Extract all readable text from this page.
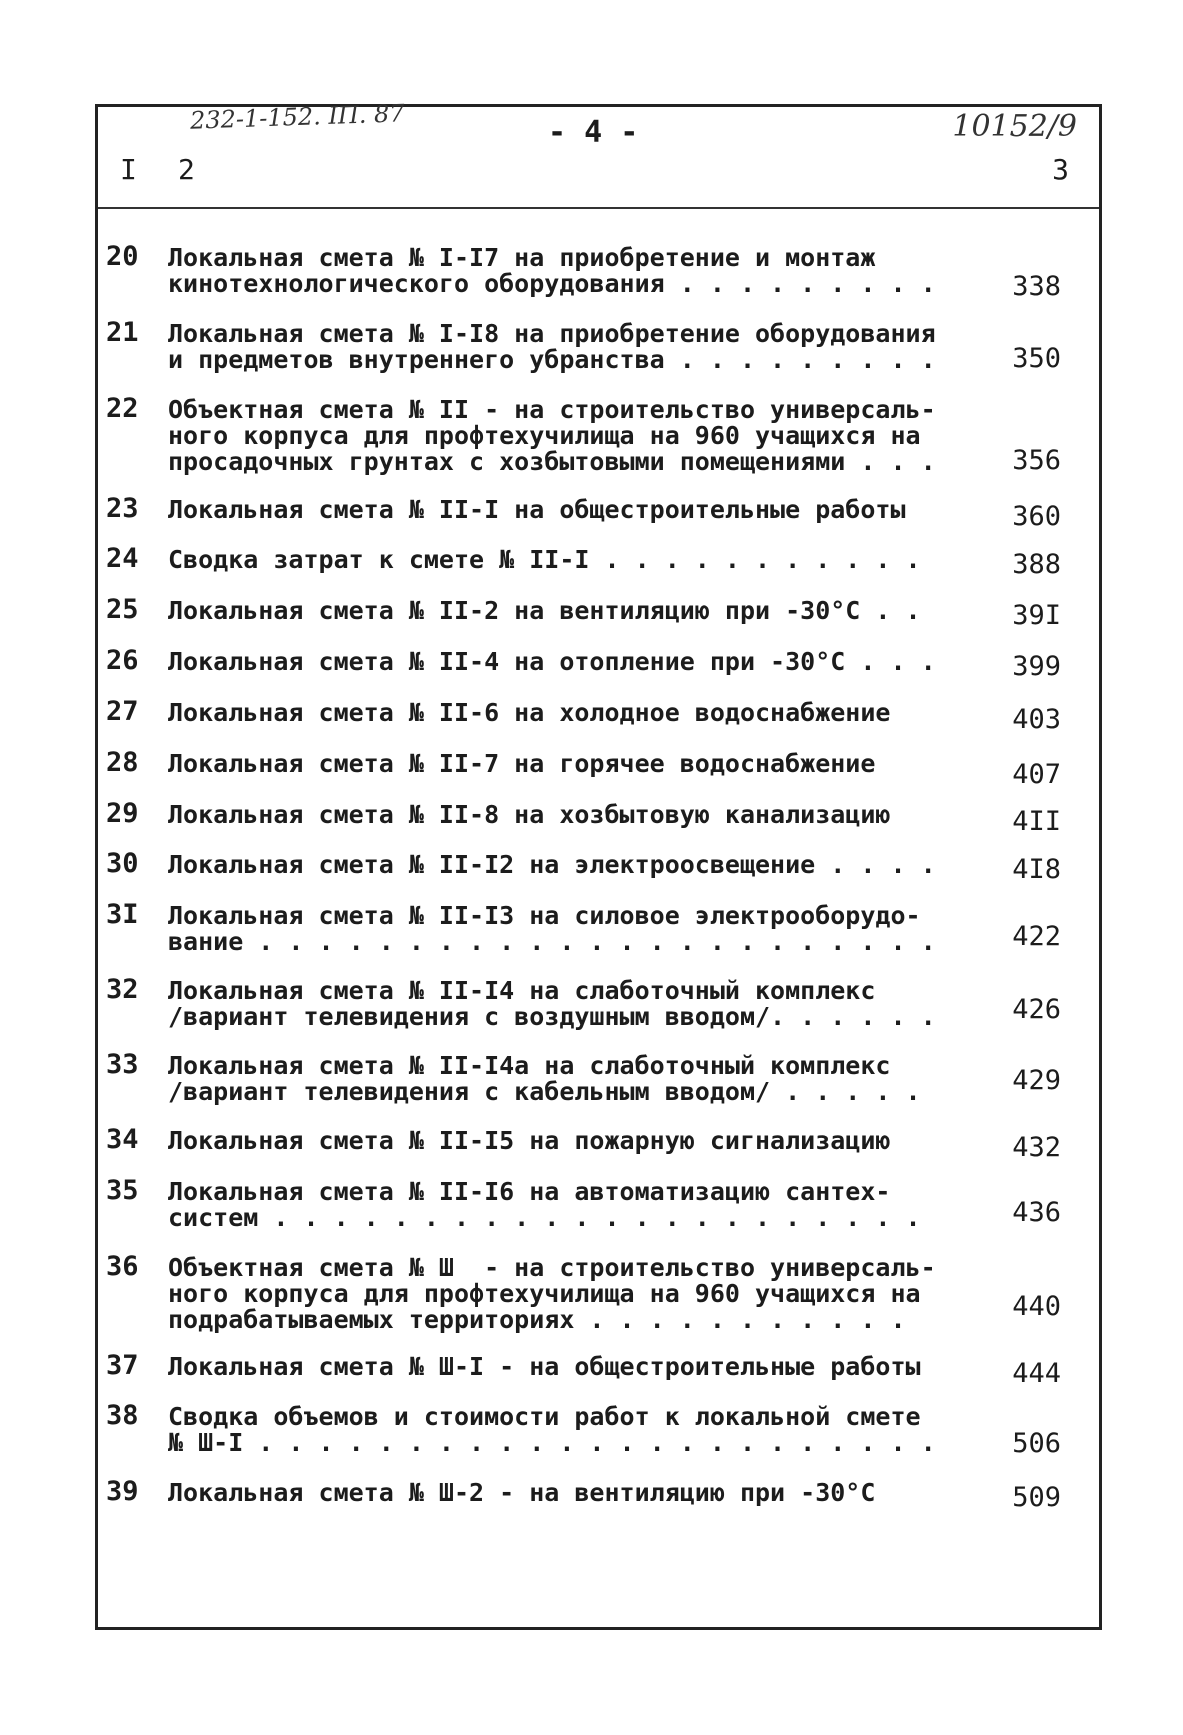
232-1-152. IП. 87	- 4 -	10152/9
I 2	3
20 Локальная смета № I-I7 на приобретение и монтаж
кинотехнологического оборудования . . . . . . . . .	338
21 Локальная смета № I-I8 на приобретение оборудования
и предметов внутреннего убранства . . . . . . . . .	350
22 Объектная смета № II - на строительство универсаль-
ного корпуса для профтехучилища на 960 учащихся на
просадочных грунтах с хозбытовыми помещениями . . .	356
23 Локальная смета № II-I на общестроительные работы	360
24 Сводка затрат к смете № II-I . . . . . . . . . . .	388
25 Локальная смета № II-2 на вентиляцию при -30°С . .	39I
26 Локальная смета № II-4 на отопление при -30°С . . .	399
27 Локальная смета № II-6 на холодное водоснабжение	403
28 Локальная смета № II-7 на горячее водоснабжение	407
29 Локальная смета № II-8 на хозбытовую канализацию	4II
30 Локальная смета № II-I2 на электроосвещение . . . .	4I8
3I Локальная смета № II-I3 на силовое электрооборудо-
вание . . . . . . . . . . . . . . . . . . . . . . .	422
32 Локальная смета № II-I4 на слаботочный комплекс
/вариант телевидения с воздушным вводом/. . . . . .	426
33 Локальная смета № II-I4а на слаботочный комплекс
/вариант телевидения с кабельным вводом/ . . . . .	429
34 Локальная смета № II-I5 на пожарную сигнализацию	432
35 Локальная смета № II-I6 на автоматизацию сантех-
систем . . . . . . . . . . . . . . . . . . . . . .	436
36 Объектная смета № Ш  - на строительство универсаль-
ного корпуса для профтехучилища на 960 учащихся на
подрабатываемых территориях . . . . . . . . . . .	440
37 Локальная смета № Ш-I - на общестроительные работы	444
38 Сводка объемов и стоимости работ к локальной смете
№ Ш-I . . . . . . . . . . . . . . . . . . . . . . .	506
39 Локальная смета № Ш-2 - на вентиляцию при -30°С	509
